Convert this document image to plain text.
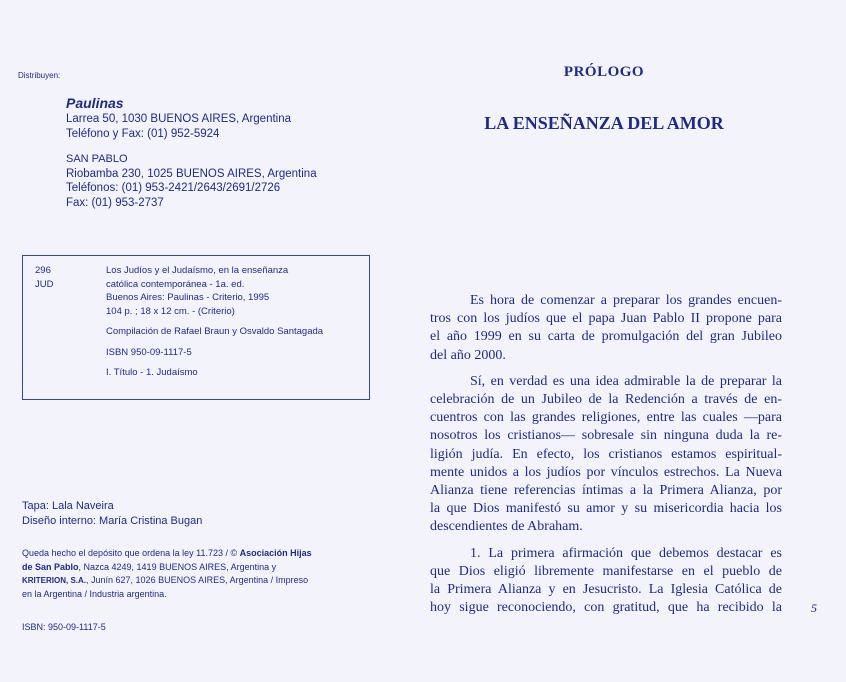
Distribuyen:
Paulinas
Larrea 50, 1030 BUENOS AIRES, Argentina
Teléfono y Fax: (01) 952-5924
SAN PABLO
Riobamba 230, 1025 BUENOS AIRES, Argentina
Teléfonos: (01) 953-2421/2643/2691/2726
Fax: (01) 953-2737
296
JUD
Los Judíos y el Judaísmo, en la enseñanza
católica contemporánea - 1a. ed.
Buenos Aires: Paulinas - Criterio, 1995
104 p. ; 18 x 12 cm. - (Criterio)
Compilación de Rafael Braun y Osvaldo Santagada
ISBN 950-09-1117-5
I. Título - 1. Judaísmo
Tapa: Lala Naveira
Diseño interno: María Cristina Bugan
Queda hecho el depósito que ordena la ley 11.723 / © Asociación Hijas
de San Pablo, Nazca 4249, 1419 BUENOS AIRES, Argentina y
KRITERION, S.A., Junín 627, 1026 BUENOS AIRES, Argentina / Impreso
en la Argentina / Industria argentina.
ISBN: 950-09-1117-5
PRÓLOGO
LA ENSEÑANZA DEL AMOR
Es hora de comenzar a preparar los grandes encuen-
tros con los judíos que el papa Juan Pablo II propone para
el año 1999 en su carta de promulgación del gran Jubileo
del año 2000.
Sí, en verdad es una idea admirable la de preparar la
celebración de un Jubileo de la Redención a través de en-
cuentros con las grandes religiones, entre las cuales —para
nosotros los cristianos— sobresale sin ninguna duda la re-
ligión judía. En efecto, los cristianos estamos espiritual-
mente unidos a los judíos por vínculos estrechos. La Nueva
Alianza tiene referencias íntimas a la Primera Alianza, por
la que Dios manifestó su amor y su misericordia hacia los
descendientes de Abraham.
1. La primera afirmación que debemos destacar es
que Dios eligió libremente manifestarse en el pueblo de
la Primera Alianza y en Jesucristo. La Iglesia Católica de
hoy sigue reconociendo, con gratitud, que ha recibido la 5
